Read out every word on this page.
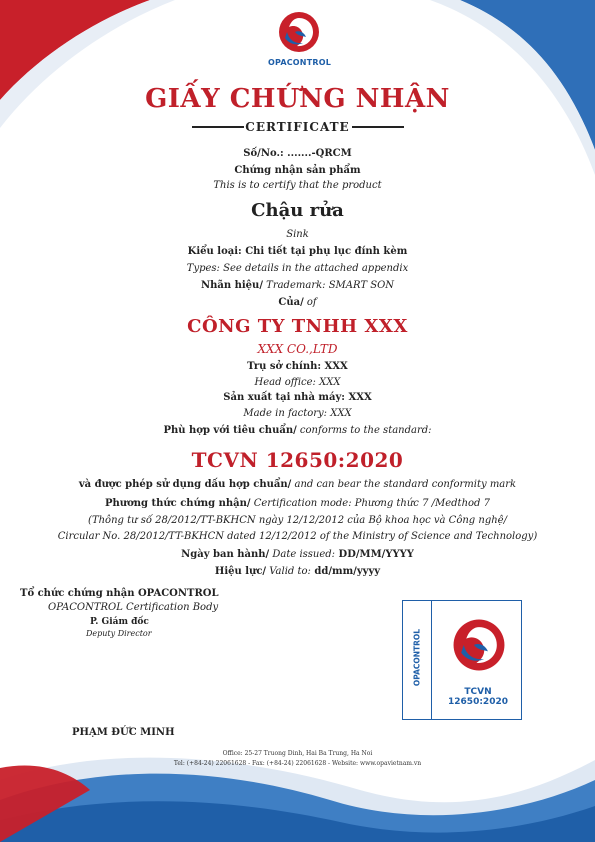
OPACONTROL
GIẤY CHỨNG NHẬN
CERTIFICATE
Số/No.: .......-QRCM
Chứng nhận sản phẩm
This is to certify that the product
Chậu rửa
Sink
Kiểu loại: Chi tiết tại phụ lục đính kèm
Types: See details in the attached appendix
Nhãn hiệu/ Trademark: SMART SON
Của/ of
CÔNG TY TNHH XXX
XXX CO.,LTD
Trụ sở chính: XXX
Head office: XXX
Sản xuất tại nhà máy: XXX
Made in factory: XXX
Phù hợp với tiêu chuẩn/ conforms to the standard:
TCVN 12650:2020
và được phép sử dụng dấu hợp chuẩn/ and can bear the standard conformity mark
Phương thức chứng nhận/ Certification mode: Phương thức 7 /Medthod 7
(Thông tư số 28/2012/TT-BKHCN ngày 12/12/2012 của Bộ khoa học và Công nghệ/
Circular No. 28/2012/TT-BKHCN dated 12/12/2012 of the Ministry of Science and Technology)
Ngày ban hành/ Date issued: DD/MM/YYYY
Hiệu lực/ Valid to: dd/mm/yyyy
Tổ chức chứng nhận OPACONTROL
OPACONTROL Certification Body
P. Giám đốc
Deputy Director
PHẠM ĐỨC MINH
OPACONTROL
TCVN 12650:2020
Office: 25-27 Truong Dinh, Hai Ba Trung, Ha Noi
Tel: (+84-24) 22061628 - Fax: (+84-24) 22061628 - Website: www.opavietnam.vn
